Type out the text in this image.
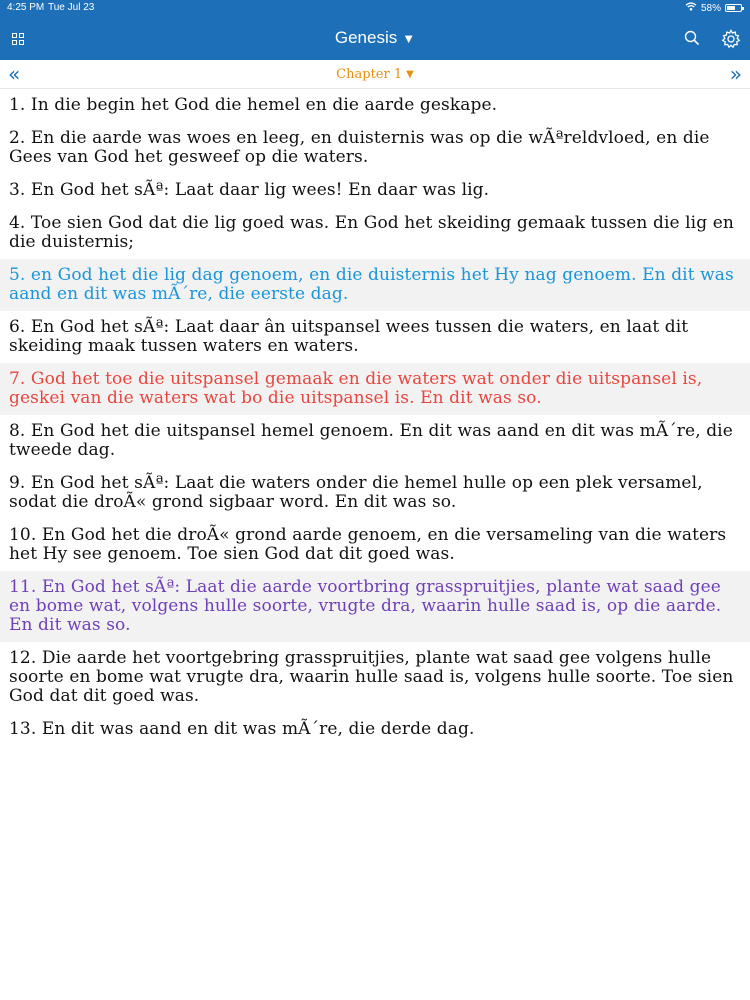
4:25 PM Tue Jul 23	58%
Genesis ▼
«	Chapter 1 ▼	»
1. In die begin het God die hemel en die aarde geskape.
2. En die aarde was woes en leeg, en duisternis was op die wÃªreldvloed, en die Gees van God het gesweef op die waters.
3. En God het sÃª: Laat daar lig wees! En daar was lig.
4. Toe sien God dat die lig goed was. En God het skeiding gemaak tussen die lig en die duisternis;
5. en God het die lig dag genoem, en die duisternis het Hy nag genoem. En dit was aand en dit was mÃ´re, die eerste dag.
6. En God het sÃª: Laat daar ân uitspansel wees tussen die waters, en laat dit skeiding maak tussen waters en waters.
7. God het toe die uitspansel gemaak en die waters wat onder die uitspansel is, geskei van die waters wat bo die uitspansel is. En dit was so.
8. En God het die uitspansel hemel genoem. En dit was aand en dit was mÃ´re, die tweede dag.
9. En God het sÃª: Laat die waters onder die hemel hulle op een plek versamel, sodat die droÃ« grond sigbaar word. En dit was so.
10. En God het die droÃ« grond aarde genoem, en die versameling van die waters het Hy see genoem. Toe sien God dat dit goed was.
11. En God het sÃª: Laat die aarde voortbring grasspruitjies, plante wat saad gee en bome wat, volgens hulle soorte, vrugte dra, waarin hulle saad is, op die aarde. En dit was so.
12. Die aarde het voortgebring grasspruitjies, plante wat saad gee volgens hulle soorte en bome wat vrugte dra, waarin hulle saad is, volgens hulle soorte. Toe sien God dat dit goed was.
13. En dit was aand en dit was mÃ´re, die derde dag.
